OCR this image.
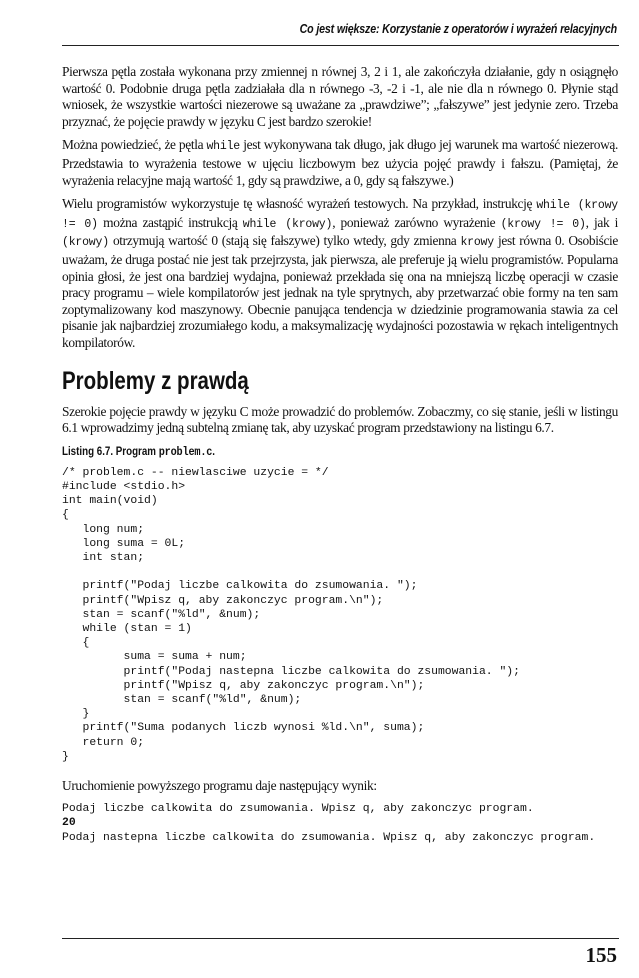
Co jest większe: Korzystanie z operatorów i wyrażeń relacyjnych

Pierwsza pętla została wykonana przy zmiennej n równej 3, 2 i 1, ale zakończyła działanie, gdy n osiągnęło wartość 0. Podobnie druga pętla zadziałała dla n równego -3, -2 i -1, ale nie dla n równego 0. Płynie stąd wniosek, że wszystkie wartości niezerowe są uważane za „prawdziwe”; „fałszywe” jest jedynie zero. Trzeba przyznać, że pojęcie prawdy w języku C jest bardzo szerokie!

Można powiedzieć, że pętla while jest wykonywana tak długo, jak długo jej warunek ma wartość niezerową. Przedstawia to wyrażenia testowe w ujęciu liczbowym bez użycia pojęć prawdy i fałszu. (Pamiętaj, że wyrażenia relacyjne mają wartość 1, gdy są prawdziwe, a 0, gdy są fałszywe.)

Wielu programistów wykorzystuje tę własność wyrażeń testowych. Na przykład, instrukcję while (krowy != 0) można zastąpić instrukcją while (krowy), ponieważ zarówno wyrażenie (krowy != 0), jak i (krowy) otrzymują wartość 0 (stają się fałszywe) tylko wtedy, gdy zmienna krowy jest równa 0. Osobiście uważam, że druga postać nie jest tak przejrzysta, jak pierwsza, ale preferuje ją wielu programistów. Popularna opinia głosi, że jest ona bardziej wydajna, ponieważ przekłada się ona na mniejszą liczbę operacji w czasie pracy programu – wiele kompilatorów jest jednak na tyle sprytnych, aby przetwarzać obie formy na ten sam zoptymalizowany kod maszynowy. Obecnie panująca tendencja w dziedzinie programowania stawia za cel pisanie jak najbardziej zrozumiałego kodu, a maksymalizację wydajności pozostawia w rękach inteligentnych kompilatorów.

Problemy z prawdą

Szerokie pojęcie prawdy w języku C może prowadzić do problemów. Zobaczmy, co się stanie, jeśli w listingu 6.1 wprowadzimy jedną subtelną zmianę tak, aby uzyskać program przedstawiony na listingu 6.7.

Listing 6.7. Program problem.c.
/* problem.c -- niewlasciwe uzycie = */
#include <stdio.h>
int main(void)
{
long num;
long suma = 0L;
int stan;

printf("Podaj liczbe calkowita do zsumowania. ");
printf("Wpisz q, aby zakonczyc program.\n");
stan = scanf("%ld", &num);
while (stan = 1)
{
suma = suma + num;
printf("Podaj nastepna liczbe calkowita do zsumowania. ");
printf("Wpisz q, aby zakonczyc program.\n");
stan = scanf("%ld", &num);
}
printf("Suma podanych liczb wynosi %ld.\n", suma);
return 0;
}

Uruchomienie powyższego programu daje następujący wynik:

Podaj liczbe calkowita do zsumowania. Wpisz q, aby zakonczyc program.
20
Podaj nastepna liczbe calkowita do zsumowania. Wpisz q, aby zakonczyc program.
155
